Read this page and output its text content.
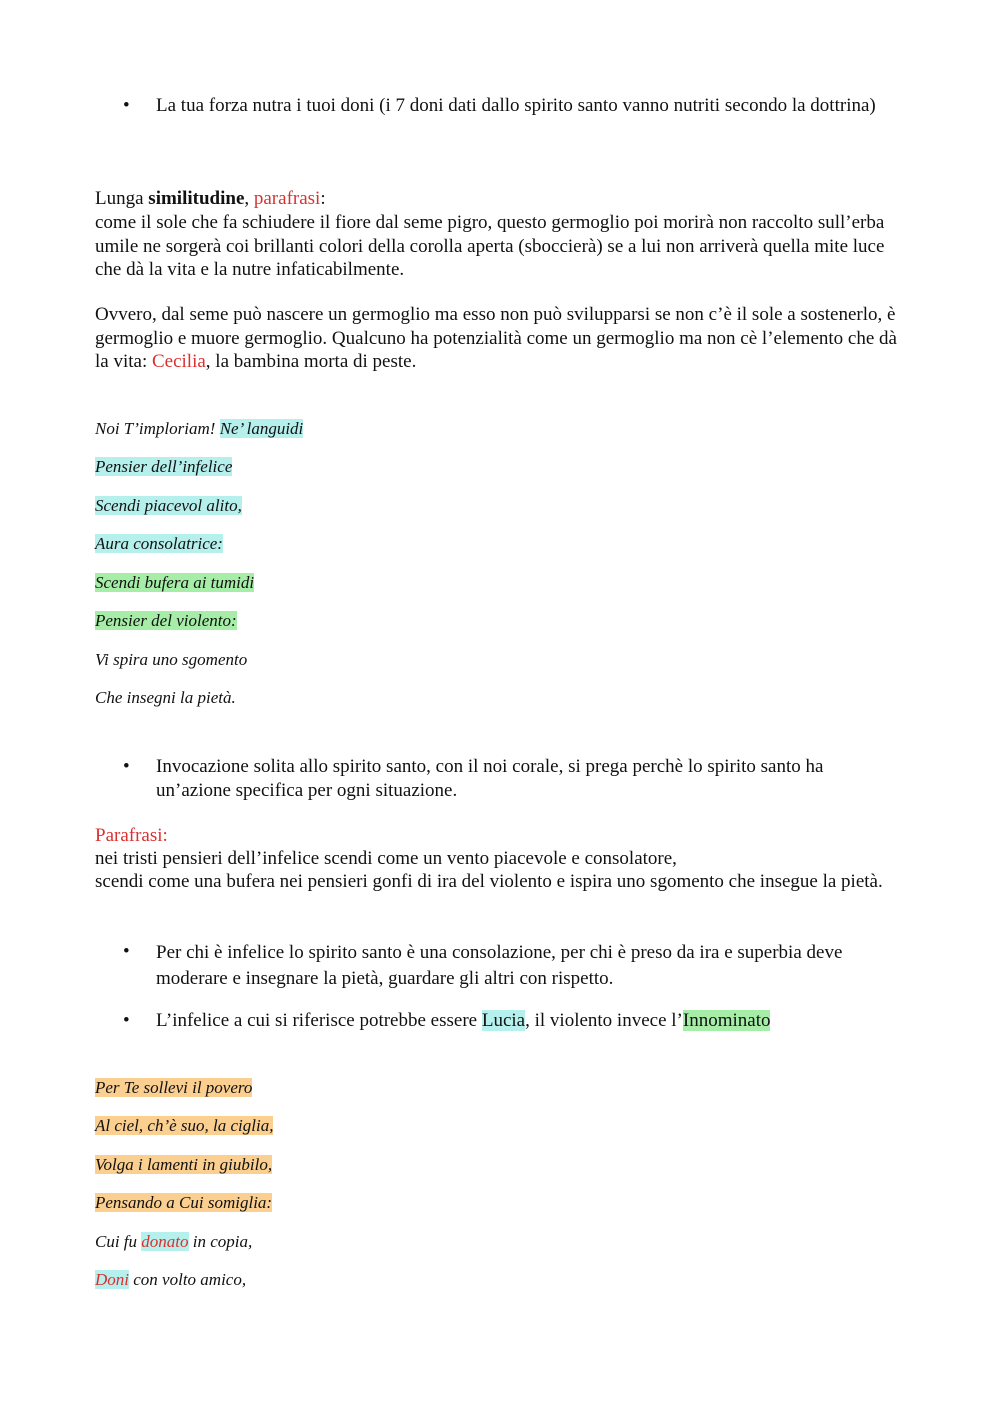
• La tua forza nutra i tuoi doni (i 7 doni dati dallo spirito santo vanno nutriti secondo la dottrina)
Lunga similitudine, parafrasi:
come il sole che fa schiudere il fiore dal seme pigro, questo germoglio poi morirà non raccolto sull’erba umile ne sorgerà coi brillanti colori della corolla aperta (sboccierà) se a lui non arriverà quella mite luce che dà la vita e la nutre infaticabilmente.
Ovvero, dal seme può nascere un germoglio ma esso non può svilupparsi se non c’è il sole a sostenerlo, è germoglio e muore germoglio. Qualcuno ha potenzialità come un germoglio ma non cè l’elemento che dà la vita: Cecilia, la bambina morta di peste.
Noi T’imploriam! Ne’ languidi
Pensier dell’infelice
Scendi piacevol alito,
Aura consolatrice:
Scendi bufera ai tumidi
Pensier del violento:
Vi spira uno sgomento
Che insegni la pietà.
• Invocazione solita allo spirito santo, con il noi corale, si prega perchè lo spirito santo ha un’azione specifica per ogni situazione.
Parafrasi:
nei tristi pensieri dell’infelice scendi come un vento piacevole e consolatore,
scendi come una bufera nei pensieri gonfi di ira del violento e ispira uno sgomento che insegue la pietà.
• Per chi è infelice lo spirito santo è una consolazione, per chi è preso da ira e superbia deve moderare e insegnare la pietà, guardare gli altri con rispetto.
• L’infelice a cui si riferisce potrebbe essere Lucia, il violento invece l’Innominato
Per Te sollevi il povero
Al ciel, ch’è suo, la ciglia,
Volga i lamenti in giubilo,
Pensando a Cui somiglia:
Cui fu donato in copia,
Doni con volto amico,
